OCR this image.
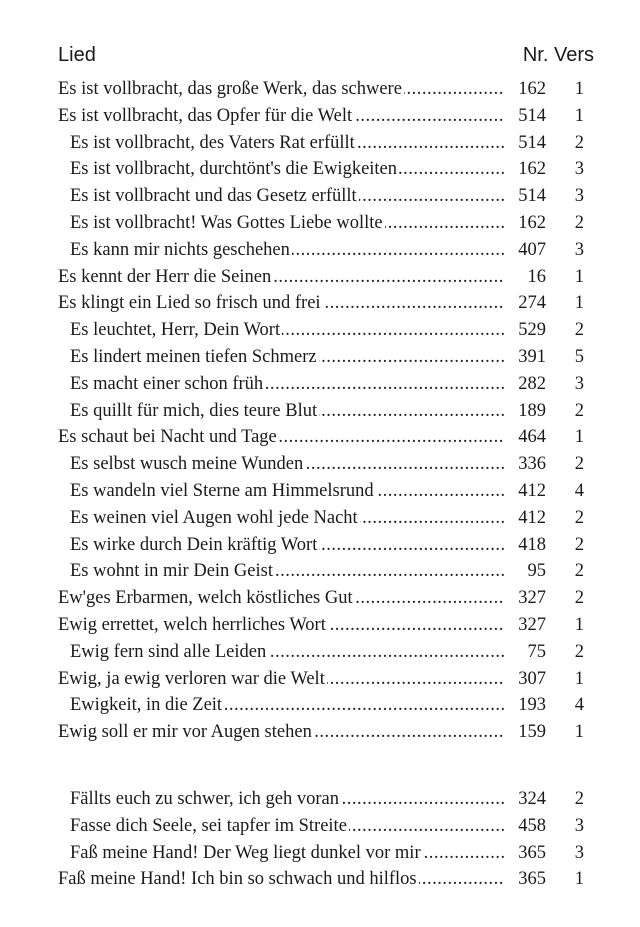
Lied	Nr. Vers
Es ist vollbracht, das große Werk, das schwere .....	162	1
Es ist vollbracht, das Opfer für die Welt .....	514	1
Es ist vollbracht, des Vaters Rat erfüllt .....	514	2
Es ist vollbracht, durchtönt's die Ewigkeiten .....	162	3
Es ist vollbracht und das Gesetz erfüllt .....	514	3
Es ist vollbracht! Was Gottes Liebe wollte .....	162	2
Es kann mir nichts geschehen .....	407	3
Es kennt der Herr die Seinen .....	16	1
Es klingt ein Lied so frisch und frei .....	274	1
Es leuchtet, Herr, Dein Wort .....	529	2
Es lindert meinen tiefen Schmerz .....	391	5
Es macht einer schon früh .....	282	3
Es quillt für mich, dies teure Blut .....	189	2
Es schaut bei Nacht und Tage .....	464	1
Es selbst wusch meine Wunden .....	336	2
Es wandeln viel Sterne am Himmelsrund .....	412	4
Es weinen viel Augen wohl jede Nacht .....	412	2
Es wirke durch Dein kräftig Wort .....	418	2
Es wohnt in mir Dein Geist .....	95	2
Ew'ges Erbarmen, welch köstliches Gut .....	327	2
Ewig errettet, welch herrliches Wort .....	327	1
Ewig fern sind alle Leiden .....	75	2
Ewig, ja ewig verloren war die Welt .....	307	1
Ewigkeit, in die Zeit .....	193	4
Ewig soll er mir vor Augen stehen .....	159	1
Fällts euch zu schwer, ich geh voran .....	324	2
Fasse dich Seele, sei tapfer im Streite .....	458	3
Faß meine Hand! Der Weg liegt dunkel vor mir .....	365	3
Faß meine Hand! Ich bin so schwach und hilflos .....	365	1
